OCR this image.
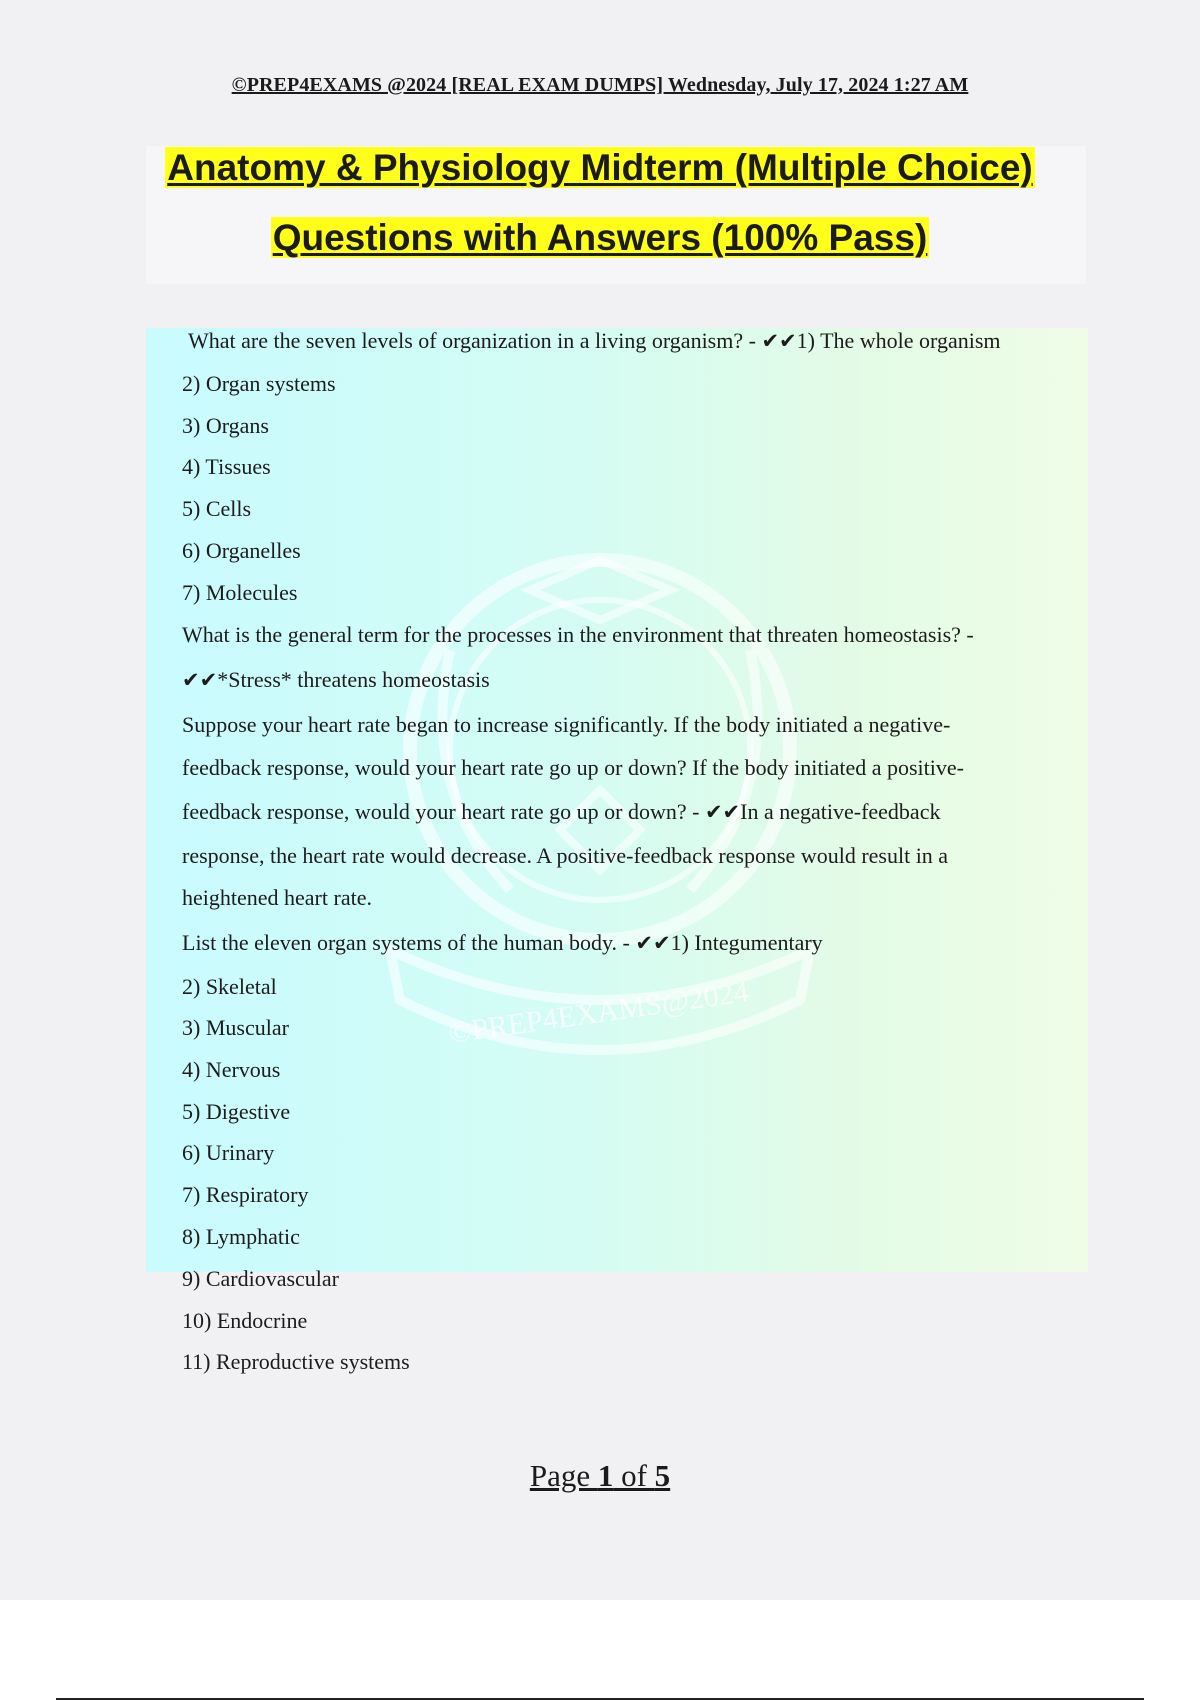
©PREP4EXAMS @2024 [REAL EXAM DUMPS] Wednesday, July 17, 2024 1:27 AM
Anatomy & Physiology Midterm (Multiple Choice)
Questions with Answers (100% Pass)
©PREP4EXAMS@2024
What are the seven levels of organization in a living organism? - ✔✔1) The whole organism
2) Organ systems
3) Organs
4) Tissues
5) Cells
6) Organelles
7) Molecules
What is the general term for the processes in the environment that threaten homeostasis? -
✔✔*Stress* threatens homeostasis
Suppose your heart rate began to increase significantly. If the body initiated a negative-
feedback response, would your heart rate go up or down? If the body initiated a positive-
feedback response, would your heart rate go up or down? - ✔✔In a negative-feedback
response, the heart rate would decrease. A positive-feedback response would result in a
heightened heart rate.
List the eleven organ systems of the human body. - ✔✔1) Integumentary
2) Skeletal
3) Muscular
4) Nervous
5) Digestive
6) Urinary
7) Respiratory
8) Lymphatic
9) Cardiovascular
10) Endocrine
11) Reproductive systems
Page 1 of 5
